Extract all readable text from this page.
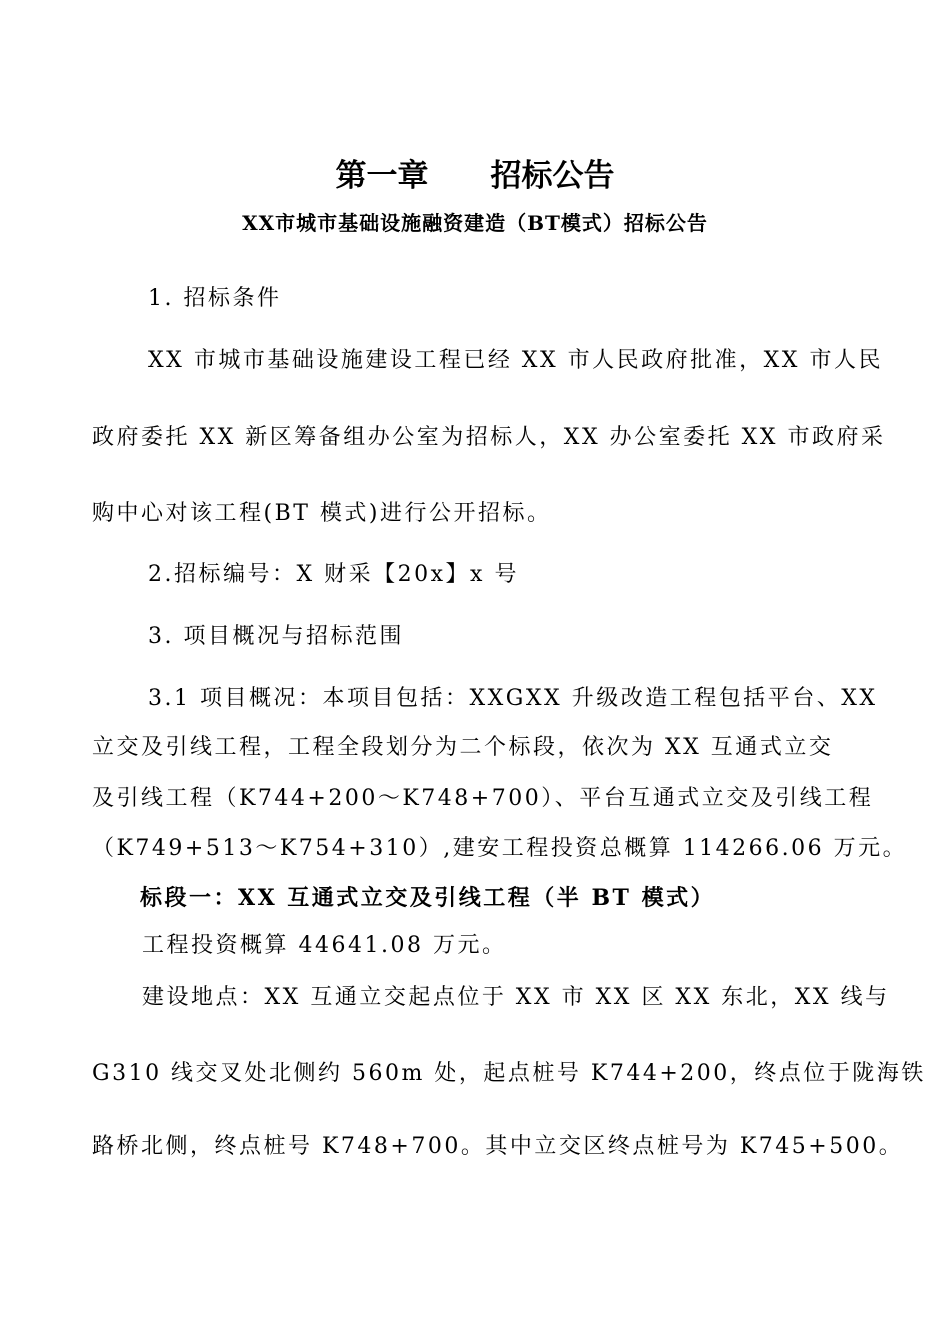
第一章 招标公告
XX市城市基础设施融资建造（BT模式）招标公告
1. 招标条件
XX 市城市基础设施建设工程已经 XX 市人民政府批准，XX 市人民
政府委托 XX 新区筹备组办公室为招标人，XX 办公室委托 XX 市政府采
购中心对该工程(BT 模式)进行公开招标。
2.招标编号：X 财采【20x】x 号
3. 项目概况与招标范围
3.1 项目概况：本项目包括：XXGXX 升级改造工程包括平台、XX
立交及引线工程，工程全段划分为二个标段，依次为 XX 互通式立交
及引线工程（K744+200～K748+700）、平台互通式立交及引线工程
（K749+513～K754+310）,建安工程投资总概算 114266.06 万元。
标段一：XX 互通式立交及引线工程（半 BT 模式）
工程投资概算 44641.08 万元。
建设地点：XX 互通立交起点位于 XX 市 XX 区 XX 东北，XX 线与
G310 线交叉处北侧约 560m 处，起点桩号 K744+200，终点位于陇海铁
路桥北侧，终点桩号 K748+700。其中立交区终点桩号为 K745+500。
